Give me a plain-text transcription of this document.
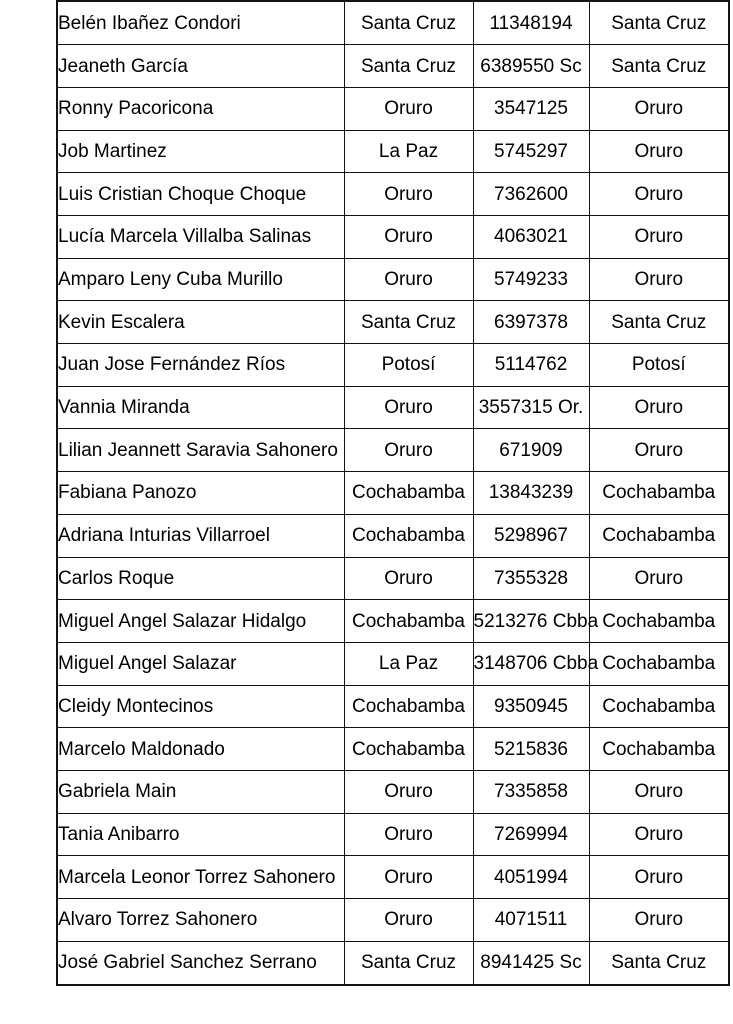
Belén Ibañez Condori	Santa Cruz	11348194	Santa Cruz
Jeaneth García	Santa Cruz	6389550 Sc	Santa Cruz
Ronny Pacoricona	Oruro	3547125	Oruro
Job Martinez	La Paz	5745297	Oruro
Luis Cristian Choque Choque	Oruro	7362600	Oruro
Lucía Marcela Villalba Salinas	Oruro	4063021	Oruro
Amparo Leny Cuba Murillo	Oruro	5749233	Oruro
Kevin Escalera	Santa Cruz	6397378	Santa Cruz
Juan Jose Fernández Ríos	Potosí	5114762	Potosí
Vannia Miranda	Oruro	3557315 Or.	Oruro
Lilian Jeannett Saravia Sahonero	Oruro	671909	Oruro
Fabiana Panozo	Cochabamba	13843239	Cochabamba
Adriana Inturias Villarroel	Cochabamba	5298967	Cochabamba
Carlos Roque	Oruro	7355328	Oruro
Miguel Angel Salazar Hidalgo	Cochabamba	5213276 Cbba	Cochabamba
Miguel Angel Salazar	La Paz	3148706 Cbba	Cochabamba
Cleidy Montecinos	Cochabamba	9350945	Cochabamba
Marcelo Maldonado	Cochabamba	5215836	Cochabamba
Gabriela Main	Oruro	7335858	Oruro
Tania Anibarro	Oruro	7269994	Oruro
Marcela Leonor Torrez Sahonero	Oruro	4051994	Oruro
Alvaro Torrez Sahonero	Oruro	4071511	Oruro
José Gabriel Sanchez Serrano	Santa Cruz	8941425 Sc	Santa Cruz
